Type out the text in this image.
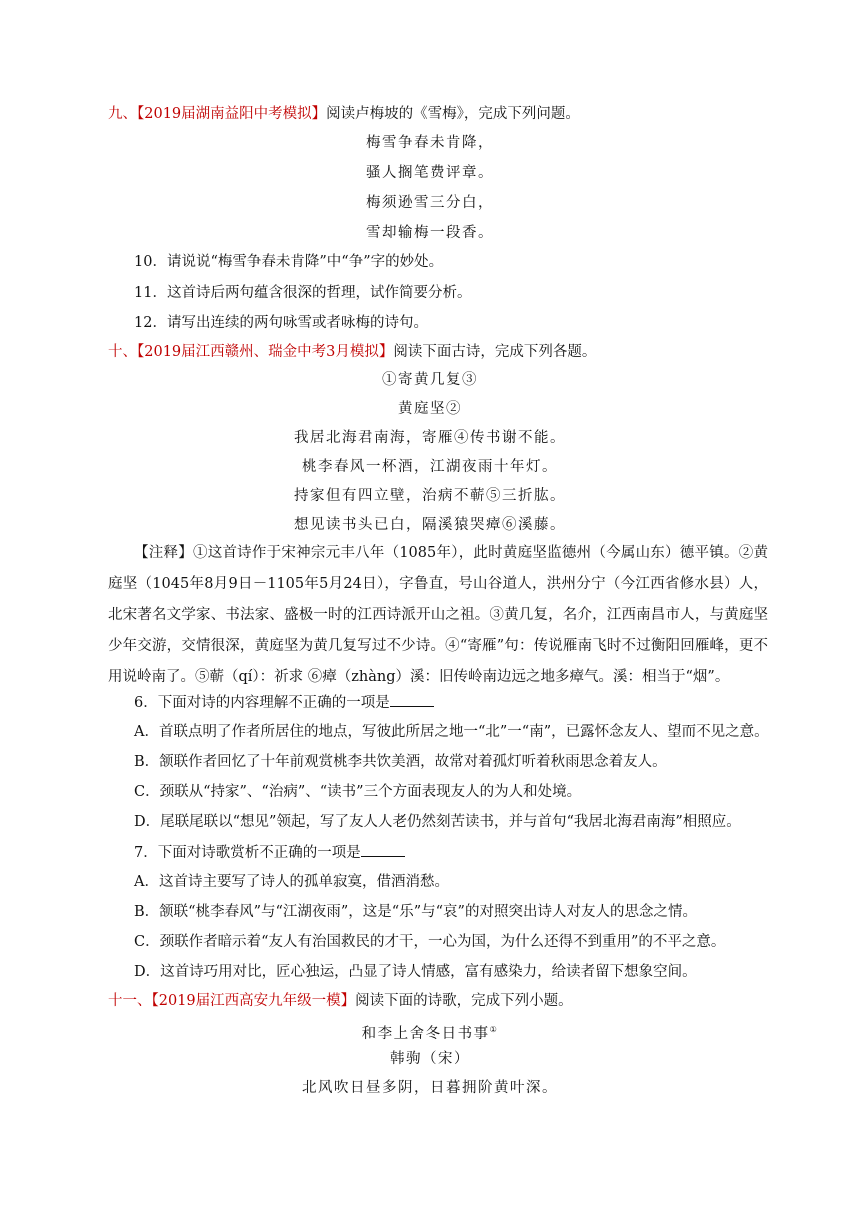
九、【2019届湖南益阳中考模拟】阅读卢梅坡的《雪梅》，完成下列问题。
梅雪争春未肯降，
骚人搁笔费评章。
梅须逊雪三分白，
雪却输梅一段香。
10．请说说“梅雪争春未肯降”中“争”字的妙处。
11．这首诗后两句蕴含很深的哲理，试作简要分析。
12．请写出连续的两句咏雪或者咏梅的诗句。
十、【2019届江西赣州、瑞金中考3月模拟】阅读下面古诗，完成下列各题。
①寄黄几复③
黄庭坚②
我居北海君南海，寄雁④传书谢不能。
桃李春风一杯酒，江湖夜雨十年灯。
持家但有四立壁，治病不蕲⑤三折肱。
想见读书头已白，隔溪猿哭瘴⑥溪藤。
【注释】①这首诗作于宋神宗元丰八年（1085年），此时黄庭坚监德州（今属山东）德平镇。②黄庭坚（1045年8月9日－1105年5月24日），字鲁直，号山谷道人，洪州分宁（今江西省修水县）人，北宋著名文学家、书法家、盛极一时的江西诗派开山之祖。③黄几复，名介，江西南昌市人，与黄庭坚少年交游，交情很深，黄庭坚为黄几复写过不少诗。④“寄雁”句：传说雁南飞时不过衡阳回雁峰，更不用说岭南了。⑤蕲（qí）：祈求 ⑥瘴（zhàng）溪：旧传岭南边远之地多瘴气。溪：相当于“烟”。
6．下面对诗的内容理解不正确的一项是
A．首联点明了作者所居住的地点，写彼此所居之地一“北”一“南”，已露怀念友人、望而不见之意。
B．颔联作者回忆了十年前观赏桃李共饮美酒，故常对着孤灯听着秋雨思念着友人。
C．颈联从“持家”、“治病”、“读书”三个方面表现友人的为人和处境。
D．尾联尾联以“想见”领起，写了友人人老仍然刻苦读书，并与首句“我居北海君南海”相照应。
7．下面对诗歌赏析不正确的一项是
A．这首诗主要写了诗人的孤单寂寞，借酒消愁。
B．颔联“桃李春风”与“江湖夜雨”，这是“乐”与“哀”的对照突出诗人对友人的思念之情。
C．颈联作者暗示着“友人有治国救民的才干，一心为国，为什么还得不到重用”的不平之意。
D．这首诗巧用对比，匠心独运，凸显了诗人情感，富有感染力，给读者留下想象空间。
十一、【2019届江西高安九年级一模】阅读下面的诗歌，完成下列小题。
和李上舍冬日书事①
韩驹（宋）
北风吹日昼多阴，日暮拥阶黄叶深。
